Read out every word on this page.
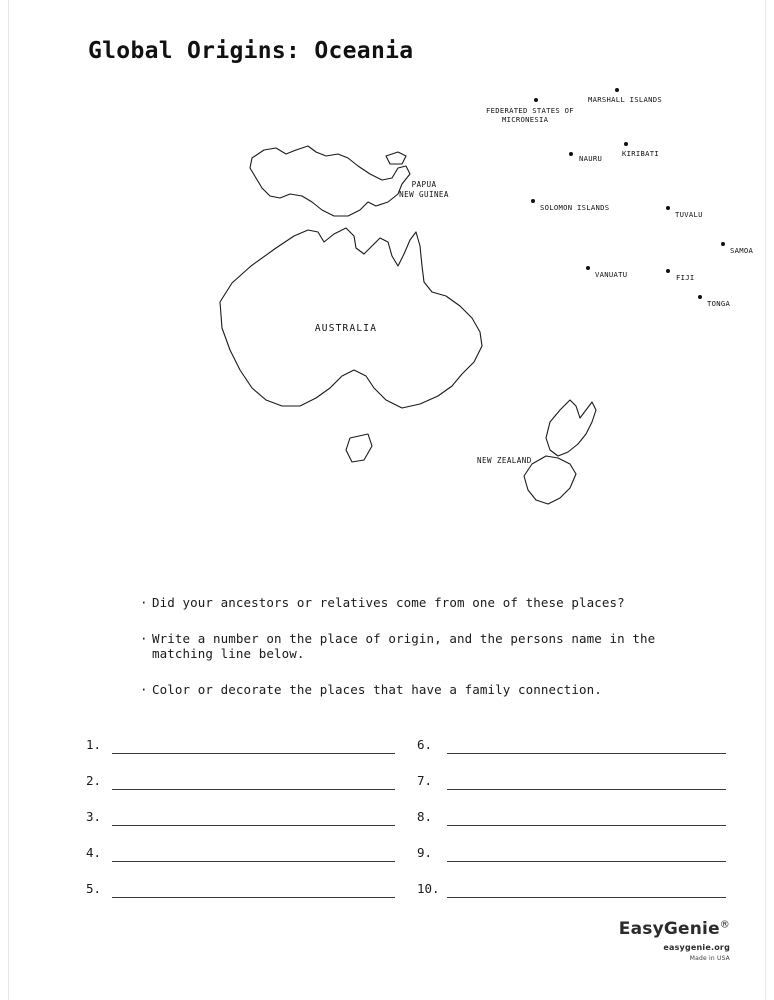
Global Origins: Oceania
MARSHALL ISLANDS
FEDERATED STATES OF
MICRONESIA
KIRIBATI
NAURU
SOLOMON ISLANDS
TUVALU
SAMOA
VANUATU	FIJI
TONGA
PAPUA
NEW GUINEA
AUSTRALIA
NEW ZEALAND
· Did your ancestors or relatives come from one of these places?
· Write a number on the place of origin, and the persons name in the matching line below.
· Color or decorate the places that have a family connection.
1.
2.
3.
4.
5.
6.
7.
8.
9.
10.
EasyGenie®
easygenie.org
Made in USA
